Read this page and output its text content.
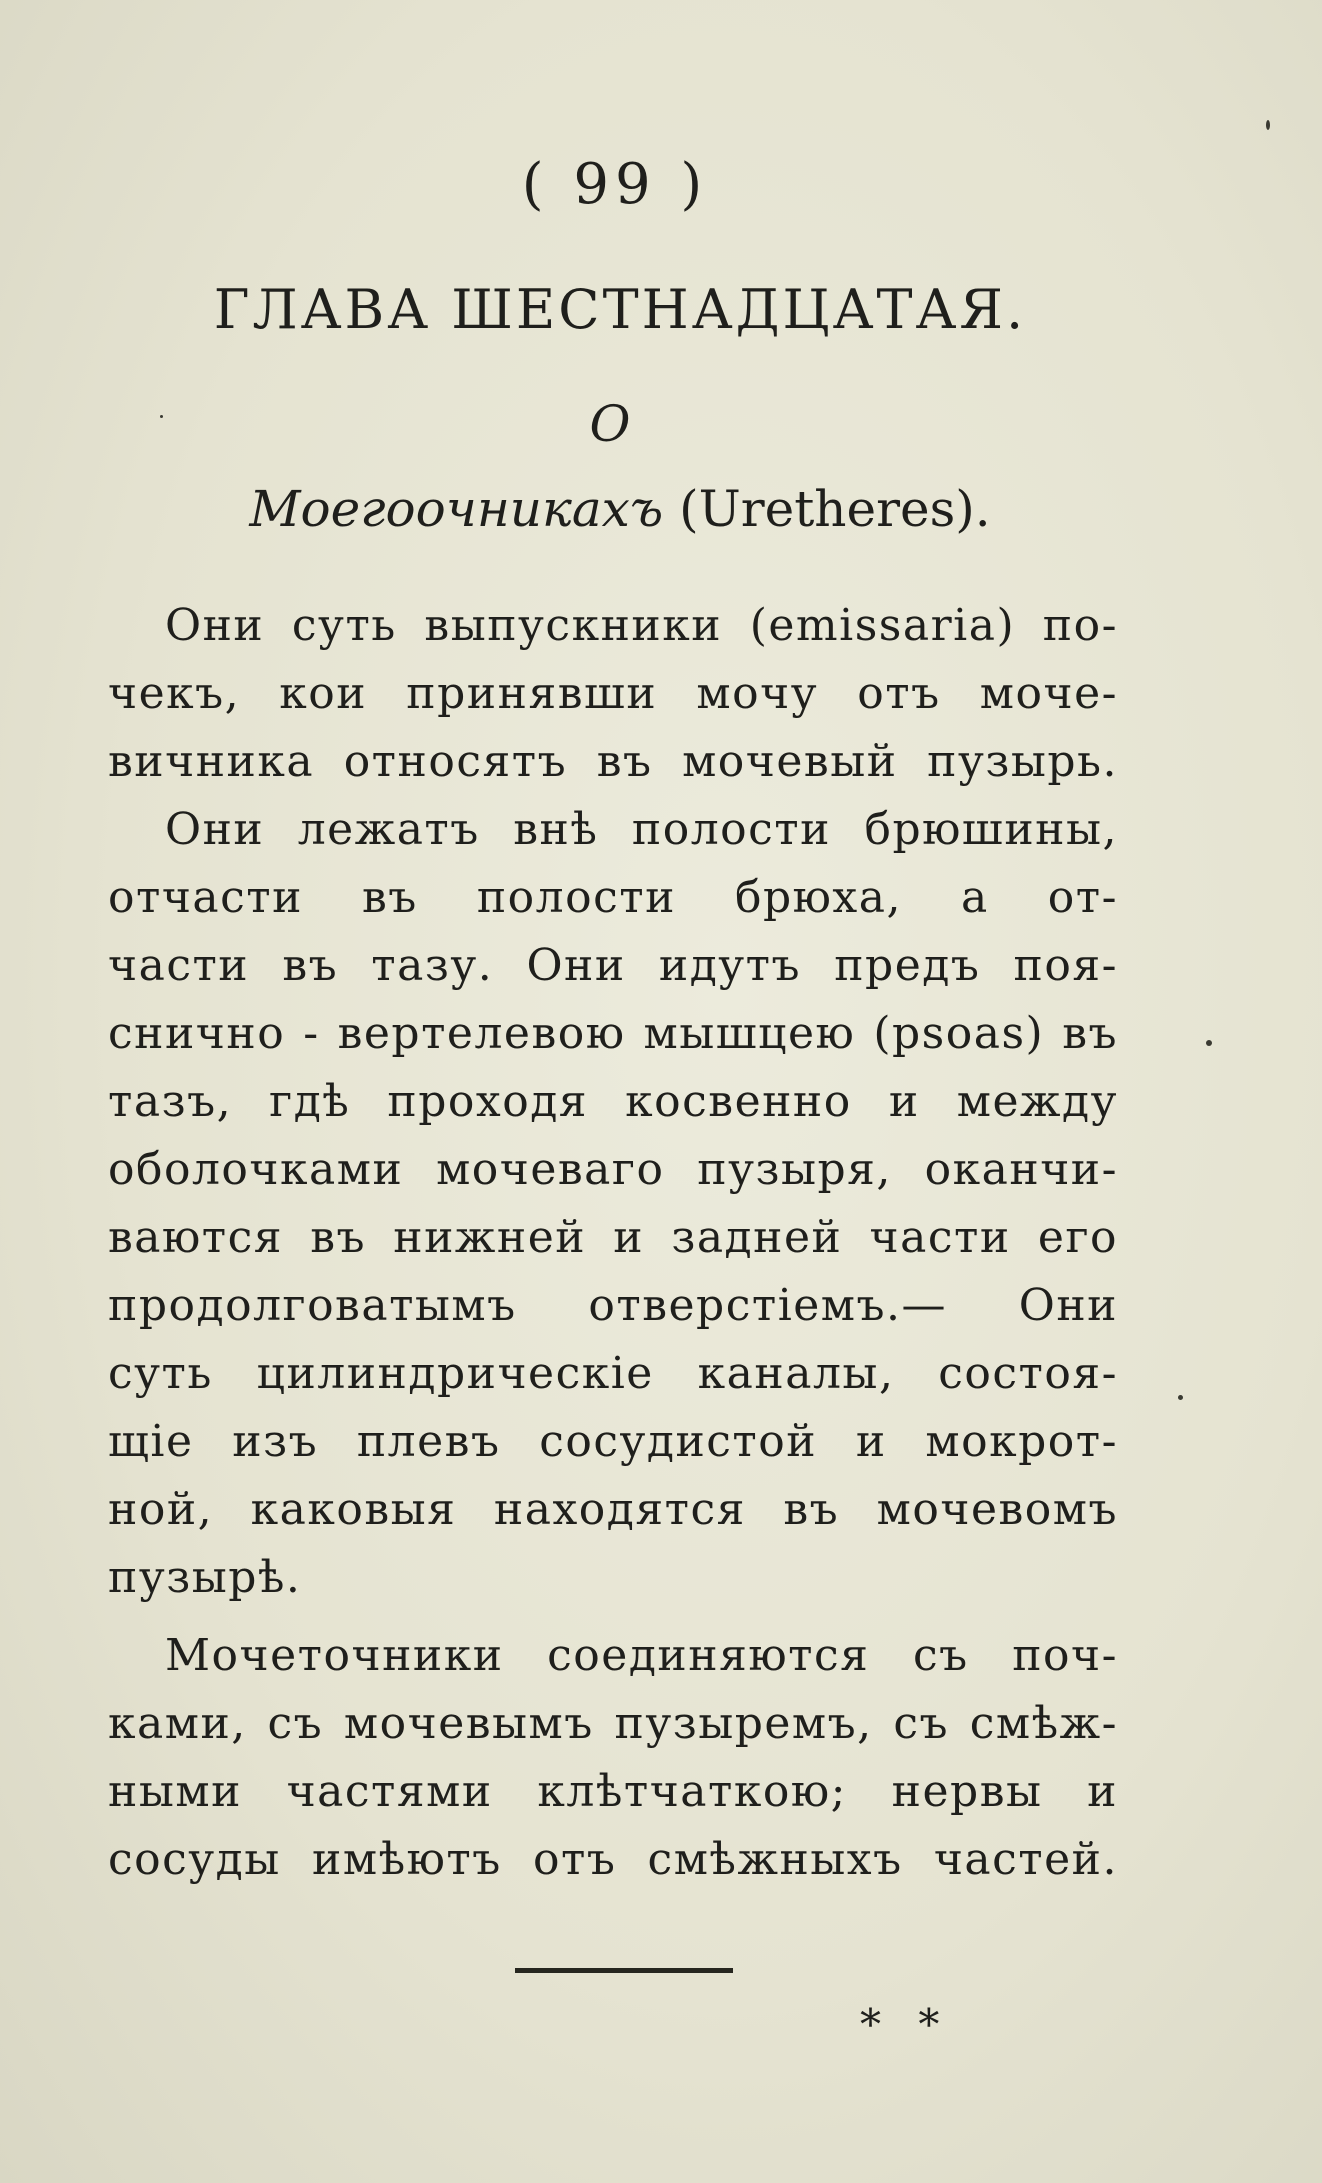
( 99 )
ГЛАВА ШЕСТНАДЦАТАЯ.
О
Моегоочникахъ (Uretheres).
Они суть выпускники (emissaria) по-
чекъ, кои принявши мочу отъ моче-
вичника относятъ въ мочевый пузырь.
Они лежатъ внѣ полости брюшины,
отчасти въ полости брюха, а от-
части въ тазу. Они идутъ предъ поя-
снично - вертелевою мышцею (psoas) въ
тазъ, гдѣ проходя косвенно и между
оболочками мочеваго пузыря, оканчи-
ваются въ нижней и задней части его
продолговатымъ отверстiемъ.— Они
суть цилиндрическiе каналы, состоя-
щiе изъ плевъ сосудистой и мокрот-
ной, каковыя находятся въ мочевомъ
пузырѣ.
Мочеточники соединяются съ поч-
ками, съ мочевымъ пузыремъ, съ смѣж-
ными частями клѣтчаткою; нервы и
сосуды имѣютъ отъ смѣжныхъ частей.
* *
